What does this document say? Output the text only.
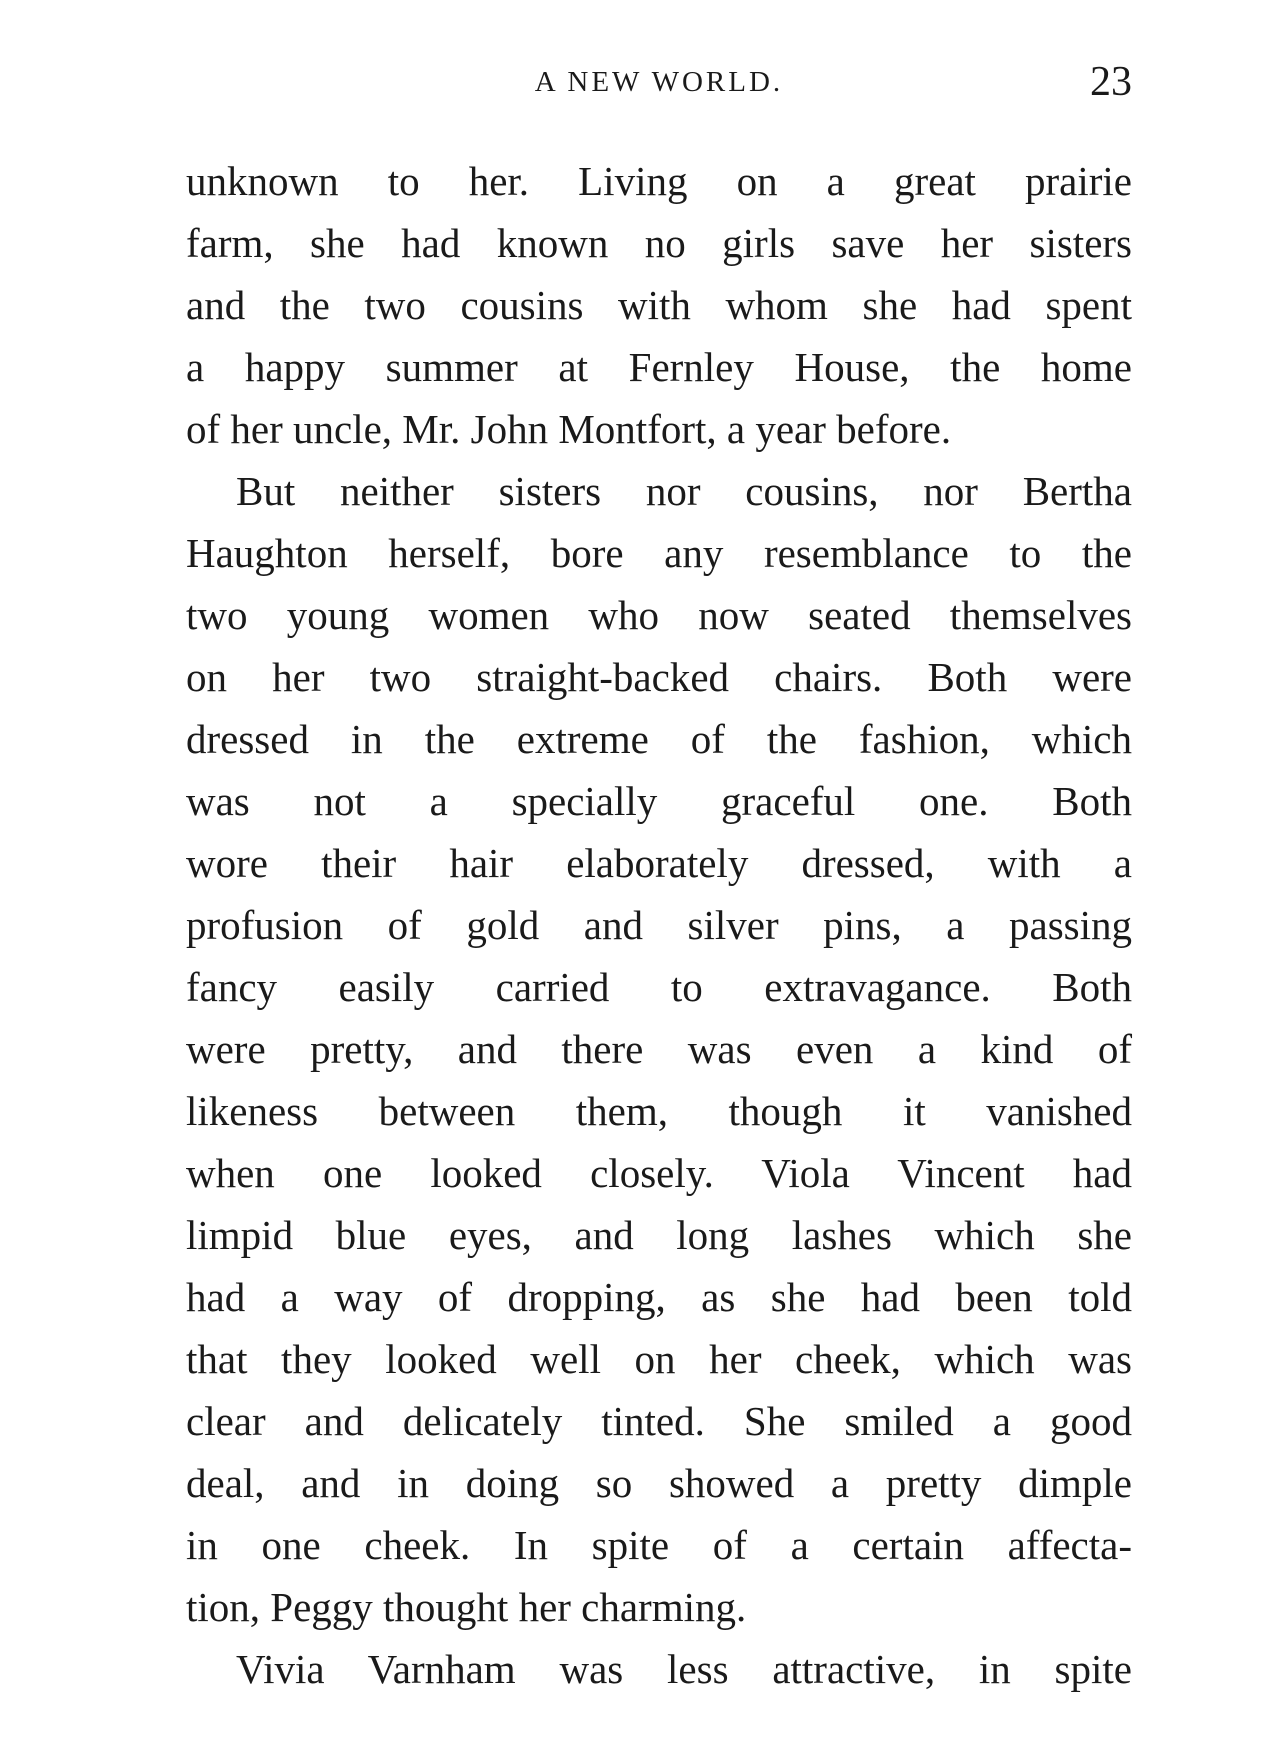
A NEW WORLD.	23
unknown to her. Living on a great prairie
farm, she had known no girls save her sisters
and the two cousins with whom she had spent
a happy summer at Fernley House, the home
of her uncle, Mr. John Montfort, a year before.
But neither sisters nor cousins, nor Bertha
Haughton herself, bore any resemblance to the
two young women who now seated themselves
on her two straight-backed chairs. Both were
dressed in the extreme of the fashion, which
was not a specially graceful one. Both
wore their hair elaborately dressed, with a
profusion of gold and silver pins, a passing
fancy easily carried to extravagance. Both
were pretty, and there was even a kind of
likeness between them, though it vanished
when one looked closely. Viola Vincent had
limpid blue eyes, and long lashes which she
had a way of dropping, as she had been told
that they looked well on her cheek, which was
clear and delicately tinted. She smiled a good
deal, and in doing so showed a pretty dimple
in one cheek. In spite of a certain affecta-
tion, Peggy thought her charming.
Vivia Varnham was less attractive, in spite
